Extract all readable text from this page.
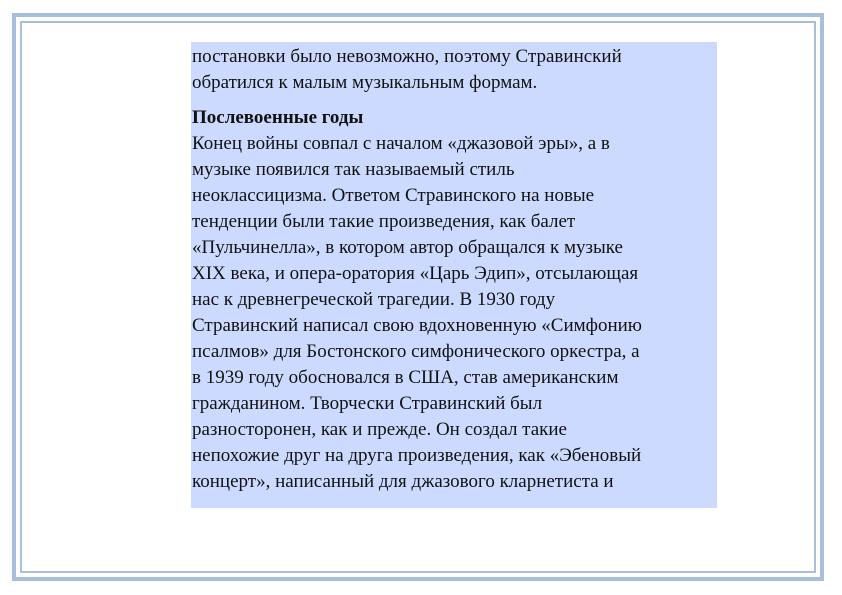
постановки было невозможно, поэтому Стравинский
обратился к малым музыкальным формам.
Послевоенные годы
Конец войны совпал с началом «джазовой эры», а в
музыке появился так называемый стиль
неоклассицизма. Ответом Стравинского на новые
тенденции были такие произведения, как балет
«Пульчинелла», в котором автор обращался к музыке
XIX века, и опера-оратория «Царь Эдип», отсылающая
нас к древнегреческой трагедии. В 1930 году
Стравинский написал свою вдохновенную «Симфонию
псалмов» для Бостонского симфонического оркестра, а
в 1939 году обосновался в США, став американским
гражданином. Творчески Стравинский был
разносторонен, как и прежде. Он создал такие
непохожие друг на друга произведения, как «Эбеновый
концерт», написанный для джазового кларнетиста и
